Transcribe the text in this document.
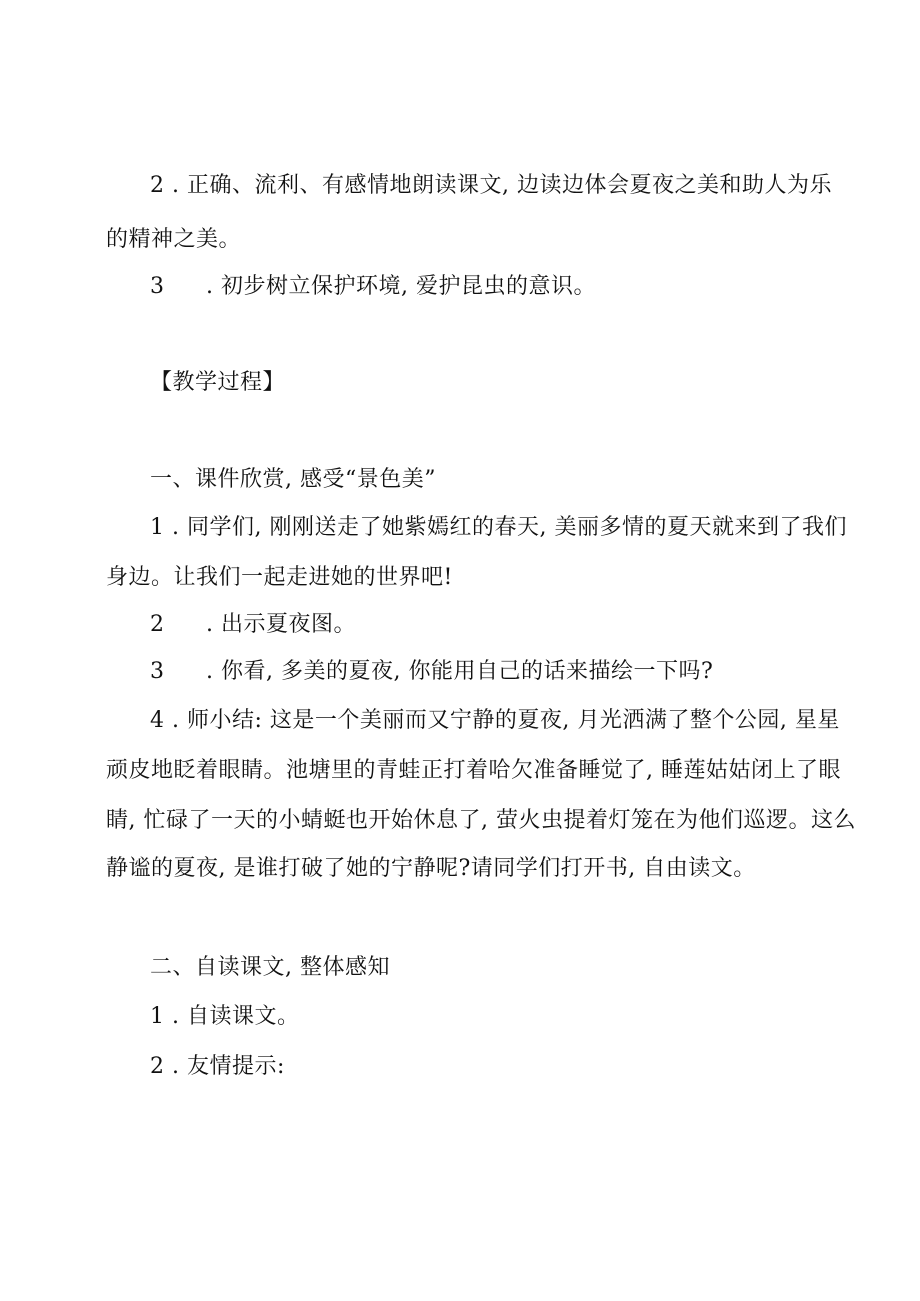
2 . 正确、流利、有感情地朗读课文, 边读边体会夏夜之美和助人为乐
的精神之美。
3 . 初步树立保护环境, 爱护昆虫的意识。
【教学过程】
一、课件欣赏, 感受“景色美”
1 . 同学们, 刚刚送走了她紫嫣红的春天, 美丽多情的夏天就来到了我们
身边。让我们一起走进她的世界吧!
2 . 出示夏夜图。
3 . 你看, 多美的夏夜, 你能用自己的话来描绘一下吗?
4 . 师小结: 这是一个美丽而又宁静的夏夜, 月光洒满了整个公园, 星星
顽皮地眨着眼睛。池塘里的青蛙正打着哈欠准备睡觉了, 睡莲姑姑闭上了眼
睛, 忙碌了一天的小蜻蜓也开始休息了, 萤火虫提着灯笼在为他们巡逻。这么
静谧的夏夜, 是谁打破了她的宁静呢?请同学们打开书, 自由读文。
二、自读课文, 整体感知
1 . 自读课文。
2 . 友情提示:
